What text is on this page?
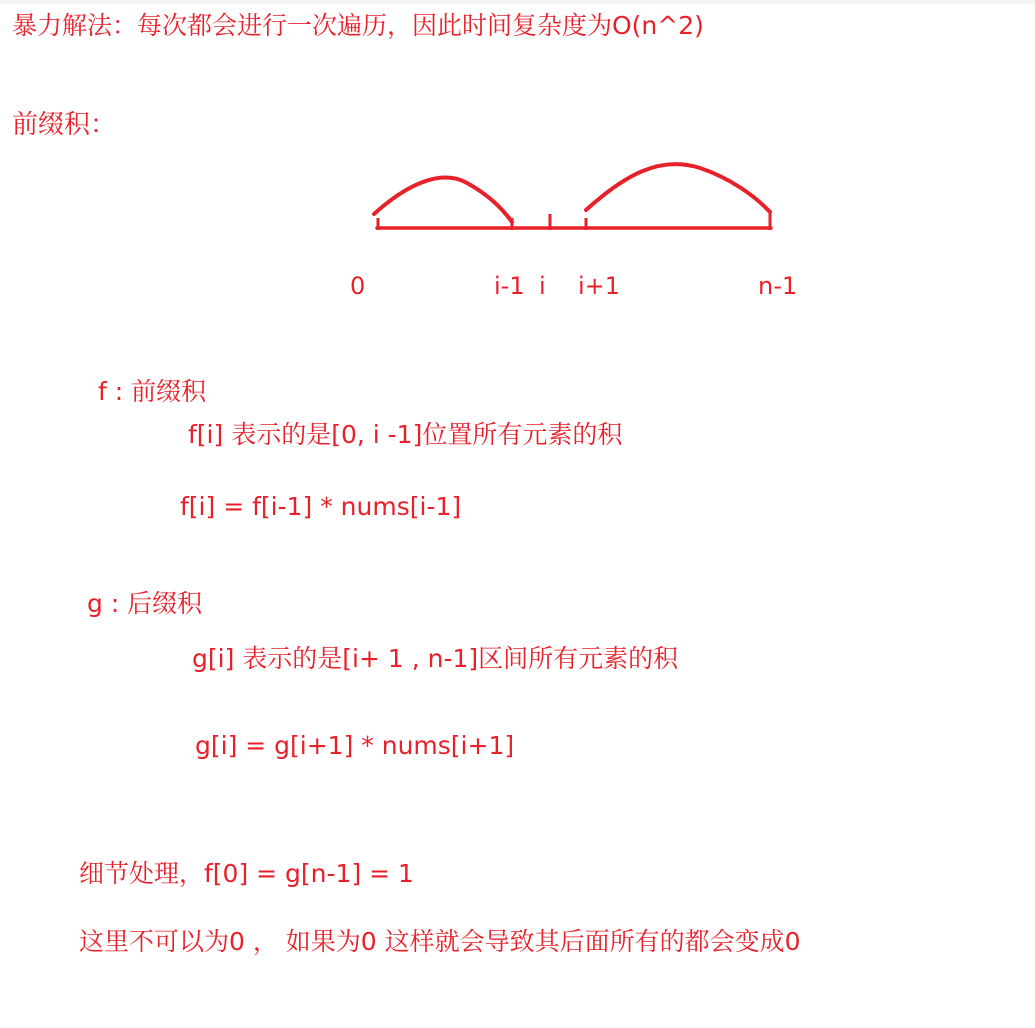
暴力解法：每次都会进行一次遍历，因此时间复杂度为O(n^2)
前缀积：
0	i-1 i i+1	n-1
f : 前缀积
f[i] 表示的是[0, i -1]位置所有元素的积
f[i] = f[i-1] * nums[i-1]
g : 后缀积
g[i] 表示的是[i+ 1 , n-1]区间所有元素的积
g[i] = g[i+1] * nums[i+1]
细节处理，f[0] = g[n-1] = 1
这里不可以为0 ， 如果为0 这样就会导致其后面所有的都会变成0
